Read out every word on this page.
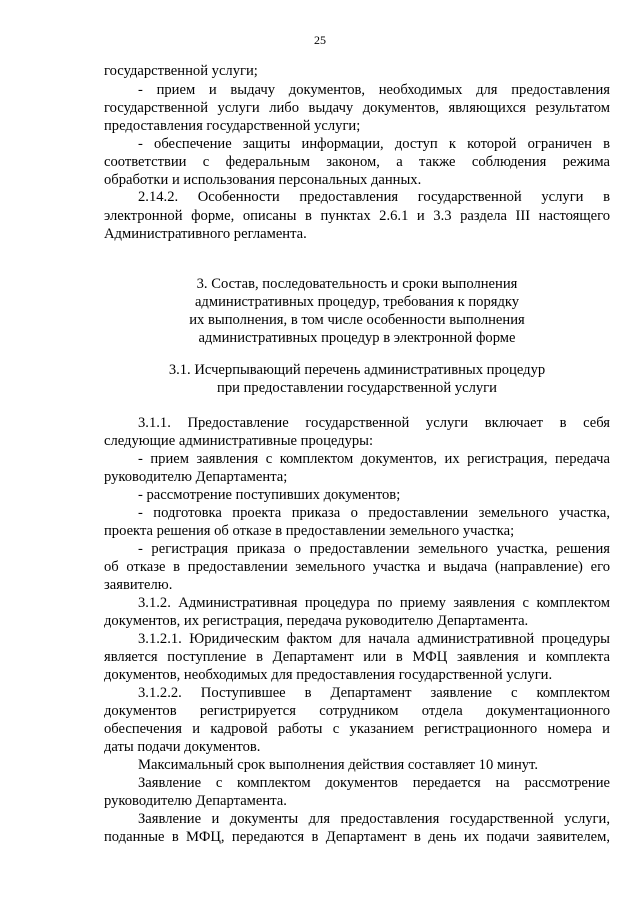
25
государственной услуги;
- прием и выдачу документов, необходимых для предоставления
государственной услуги либо выдачу документов, являющихся результатом
предоставления государственной услуги;
- обеспечение защиты информации, доступ к которой ограничен в
соответствии с федеральным законом, а также соблюдения режима
обработки и использования персональных данных.
2.14.2. Особенности предоставления государственной услуги в
электронной форме, описаны в пунктах 2.6.1 и 3.3 раздела III настоящего
Административного регламента.
3. Состав, последовательность и сроки выполнения
административных процедур, требования к порядку
их выполнения, в том числе особенности выполнения
административных процедур в электронной форме
3.1. Исчерпывающий перечень административных процедур
при предоставлении государственной услуги
3.1.1. Предоставление государственной услуги включает в себя
следующие административные процедуры:
- прием заявления с комплектом документов, их регистрация, передача
руководителю Департамента;
- рассмотрение поступивших документов;
- подготовка проекта приказа о предоставлении земельного участка,
проекта решения об отказе в предоставлении земельного участка;
- регистрация приказа о предоставлении земельного участка, решения
об отказе в предоставлении земельного участка и выдача (направление) его
заявителю.
3.1.2. Административная процедура по приему заявления с комплектом
документов, их регистрация, передача руководителю Департамента.
3.1.2.1. Юридическим фактом для начала административной процедуры
является поступление в Департамент или в МФЦ заявления и комплекта
документов, необходимых для предоставления государственной услуги.
3.1.2.2. Поступившее в Департамент заявление с комплектом
документов регистрируется сотрудником отдела документационного
обеспечения и кадровой работы с указанием регистрационного номера и
даты подачи документов.
Максимальный срок выполнения действия составляет 10 минут.
Заявление с комплектом документов передается на рассмотрение
руководителю Департамента.
Заявление и документы для предоставления государственной услуги,
поданные в МФЦ, передаются в Департамент в день их подачи заявителем,
